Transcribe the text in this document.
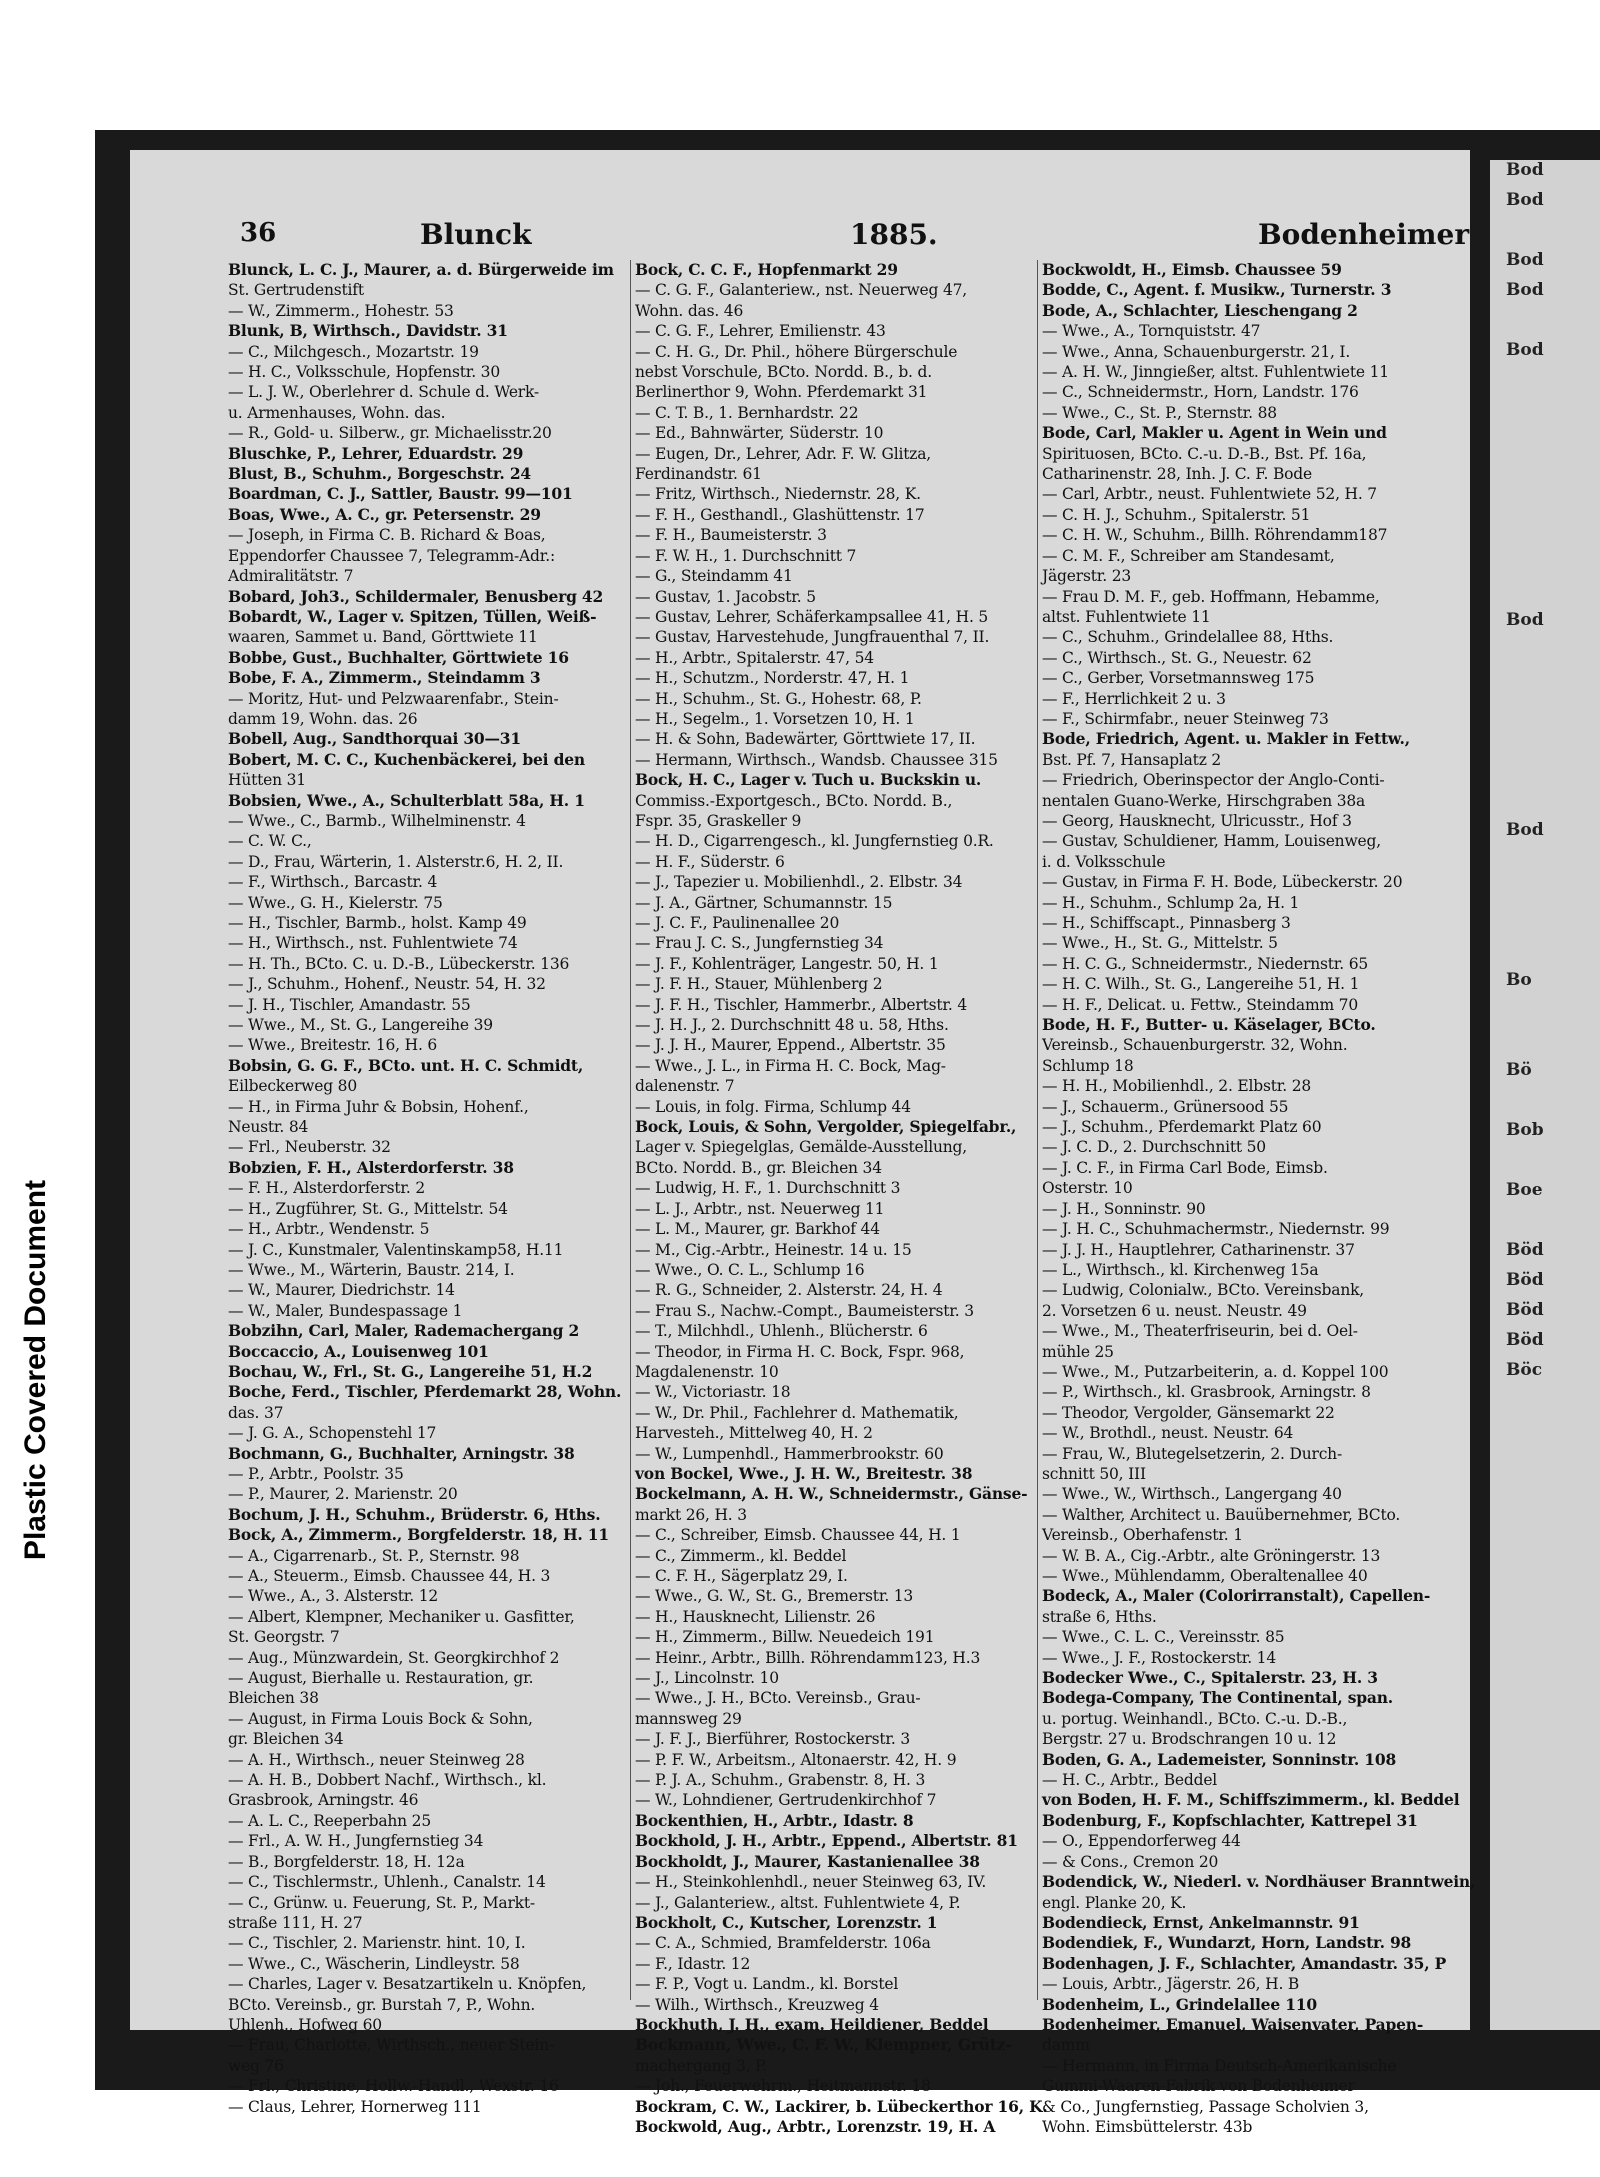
Plastic Covered Document
36	Blunck	1885.	Bodenheimer
Blunck, L. C. J., Maurer, a. d. Bürgerweide im
St. Gertrudenstift
— W., Zimmerm., Hohestr. 53
Blunk, B, Wirthsch., Davidstr. 31
— C., Milchgesch., Mozartstr. 19
— H. C., Volksschule, Hopfenstr. 30
— L. J. W., Oberlehrer d. Schule d. Werk-
u. Armenhauses, Wohn. das.
— R., Gold- u. Silberw., gr. Michaelisstr.20
Bluschke, P., Lehrer, Eduardstr. 29
Blust, B., Schuhm., Borgeschstr. 24
Boardman, C. J., Sattler, Baustr. 99—101
Boas, Wwe., A. C., gr. Petersenstr. 29
— Joseph, in Firma C. B. Richard & Boas,
Eppendorfer Chaussee 7, Telegramm-Adr.:
Admiralitätstr. 7
Bobard, Joh3., Schildermaler, Benusberg 42
Bobardt, W., Lager v. Spitzen, Tüllen, Weiß-
waaren, Sammet u. Band, Görttwiete 11
Bobbe, Gust., Buchhalter, Görttwiete 16
Bobe, F. A., Zimmerm., Steindamm 3
— Moritz, Hut- und Pelzwaarenfabr., Stein-
damm 19, Wohn. das. 26
Bobell, Aug., Sandthorquai 30—31
Bobert, M. C. C., Kuchenbäckerei, bei den
Hütten 31
Bobsien, Wwe., A., Schulterblatt 58a, H. 1
— Wwe., C., Barmb., Wilhelminenstr. 4
— C. W. C.,
— D., Frau, Wärterin, 1. Alsterstr.6, H. 2, II.
— F., Wirthsch., Barcastr. 4
— Wwe., G. H., Kielerstr. 75
— H., Tischler, Barmb., holst. Kamp 49
— H., Wirthsch., nst. Fuhlentwiete 74
— H. Th., BCto. C. u. D.-B., Lübeckerstr. 136
— J., Schuhm., Hohenf., Neustr. 54, H. 32
— J. H., Tischler, Amandastr. 55
— Wwe., M., St. G., Langereihe 39
— Wwe., Breitestr. 16, H. 6
Bobsin, G. G. F., BCto. unt. H. C. Schmidt,
Eilbeckerweg 80
— H., in Firma Juhr & Bobsin, Hohenf.,
Neustr. 84
— Frl., Neuberstr. 32
Bobzien, F. H., Alsterdorferstr. 38
— F. H., Alsterdorferstr. 2
— H., Zugführer, St. G., Mittelstr. 54
— H., Arbtr., Wendenstr. 5
— J. C., Kunstmaler, Valentinskamp58, H.11
— Wwe., M., Wärterin, Baustr. 214, I.
— W., Maurer, Diedrichstr. 14
— W., Maler, Bundespassage 1
Bobzihn, Carl, Maler, Rademachergang 2
Boccaccio, A., Louisenweg 101
Bochau, W., Frl., St. G., Langereihe 51, H.2
Boche, Ferd., Tischler, Pferdemarkt 28, Wohn.
das. 37
— J. G. A., Schopenstehl 17
Bochmann, G., Buchhalter, Arningstr. 38
— P., Arbtr., Poolstr. 35
— P., Maurer, 2. Marienstr. 20
Bochum, J. H., Schuhm., Brüderstr. 6, Hths.
Bock, A., Zimmerm., Borgfelderstr. 18, H. 11
— A., Cigarrenarb., St. P., Sternstr. 98
— A., Steuerm., Eimsb. Chaussee 44, H. 3
— Wwe., A., 3. Alsterstr. 12
— Albert, Klempner, Mechaniker u. Gasfitter,
St. Georgstr. 7
— Aug., Münzwardein, St. Georgkirchhof 2
— August, Bierhalle u. Restauration, gr.
Bleichen 38
— August, in Firma Louis Bock & Sohn,
gr. Bleichen 34
— A. H., Wirthsch., neuer Steinweg 28
— A. H. B., Dobbert Nachf., Wirthsch., kl.
Grasbrook, Arningstr. 46
— A. L. C., Reeperbahn 25
— Frl., A. W. H., Jungfernstieg 34
— B., Borgfelderstr. 18, H. 12a
— C., Tischlermstr., Uhlenh., Canalstr. 14
— C., Grünw. u. Feuerung, St. P., Markt-
straße 111, H. 27
— C., Tischler, 2. Marienstr. hint. 10, I.
— Wwe., C., Wäscherin, Lindleystr. 58
— Charles, Lager v. Besatzartikeln u. Knöpfen,
BCto. Vereinsb., gr. Burstah 7, P., Wohn.
Uhlenh., Hofweg 60
— Frau, Charlotte, Wirthsch., neuer Stein-
weg 76
— Frl., Christine, Hollw.-Handl., Wexstr. 16
— Claus, Lehrer, Hornerweg 111
Bock, C. C. F., Hopfenmarkt 29
— C. G. F., Galanteriew., nst. Neuerweg 47,
Wohn. das. 46
— C. G. F., Lehrer, Emilienstr. 43
— C. H. G., Dr. Phil., höhere Bürgerschule
nebst Vorschule, BCto. Nordd. B., b. d.
Berlinerthor 9, Wohn. Pferdemarkt 31
— C. T. B., 1. Bernhardstr. 22
— Ed., Bahnwärter, Süderstr. 10
— Eugen, Dr., Lehrer, Adr. F. W. Glitza,
Ferdinandstr. 61
— Fritz, Wirthsch., Niedernstr. 28, K.
— F. H., Gesthandl., Glashüttenstr. 17
— F. H., Baumeisterstr. 3
— F. W. H., 1. Durchschnitt 7
— G., Steindamm 41
— Gustav, 1. Jacobstr. 5
— Gustav, Lehrer, Schäferkampsallee 41, H. 5
— Gustav, Harvestehude, Jungfrauenthal 7, II.
— H., Arbtr., Spitalerstr. 47, 54
— H., Schutzm., Norderstr. 47, H. 1
— H., Schuhm., St. G., Hohestr. 68, P.
— H., Segelm., 1. Vorsetzen 10, H. 1
— H. & Sohn, Badewärter, Görttwiete 17, II.
— Hermann, Wirthsch., Wandsb. Chaussee 315
Bock, H. C., Lager v. Tuch u. Buckskin u.
Commiss.-Exportgesch., BCto. Nordd. B.,
Fspr. 35, Graskeller 9
— H. D., Cigarrengesch., kl. Jungfernstieg 0.R.
— H. F., Süderstr. 6
— J., Tapezier u. Mobilienhdl., 2. Elbstr. 34
— J. A., Gärtner, Schumannstr. 15
— J. C. F., Paulinenallee 20
— Frau J. C. S., Jungfernstieg 34
— J. F., Kohlenträger, Langestr. 50, H. 1
— J. F. H., Stauer, Mühlenberg 2
— J. F. H., Tischler, Hammerbr., Albertstr. 4
— J. H. J., 2. Durchschnitt 48 u. 58, Hths.
— J. J. H., Maurer, Eppend., Albertstr. 35
— Wwe., J. L., in Firma H. C. Bock, Mag-
dalenenstr. 7
— Louis, in folg. Firma, Schlump 44
Bock, Louis, & Sohn, Vergolder, Spiegelfabr.,
Lager v. Spiegelglas, Gemälde-Ausstellung,
BCto. Nordd. B., gr. Bleichen 34
— Ludwig, H. F., 1. Durchschnitt 3
— L. J., Arbtr., nst. Neuerweg 11
— L. M., Maurer, gr. Barkhof 44
— M., Cig.-Arbtr., Heinestr. 14 u. 15
— Wwe., O. C. L., Schlump 16
— R. G., Schneider, 2. Alsterstr. 24, H. 4
— Frau S., Nachw.-Compt., Baumeisterstr. 3
— T., Milchhdl., Uhlenh., Blücherstr. 6
— Theodor, in Firma H. C. Bock, Fspr. 968,
Magdalenenstr. 10
— W., Victoriastr. 18
— W., Dr. Phil., Fachlehrer d. Mathematik,
Harvesteh., Mittelweg 40, H. 2
— W., Lumpenhdl., Hammerbrookstr. 60
von Bockel, Wwe., J. H. W., Breitestr. 38
Bockelmann, A. H. W., Schneidermstr., Gänse-
markt 26, H. 3
— C., Schreiber, Eimsb. Chaussee 44, H. 1
— C., Zimmerm., kl. Beddel
— C. F. H., Sägerplatz 29, I.
— Wwe., G. W., St. G., Bremerstr. 13
— H., Hausknecht, Lilienstr. 26
— H., Zimmerm., Billw. Neuedeich 191
— Heinr., Arbtr., Billh. Röhrendamm123, H.3
— J., Lincolnstr. 10
— Wwe., J. H., BCto. Vereinsb., Grau-
mannsweg 29
— J. F. J., Bierführer, Rostockerstr. 3
— P. F. W., Arbeitsm., Altonaerstr. 42, H. 9
— P. J. A., Schuhm., Grabenstr. 8, H. 3
— W., Lohndiener, Gertrudenkirchhof 7
Bockenthien, H., Arbtr., Idastr. 8
Bockhold, J. H., Arbtr., Eppend., Albertstr. 81
Bockholdt, J., Maurer, Kastanienallee 38
— H., Steinkohlenhdl., neuer Steinweg 63, IV.
— J., Galanteriew., altst. Fuhlentwiete 4, P.
Bockholt, C., Kutscher, Lorenzstr. 1
— C. A., Schmied, Bramfelderstr. 106a
— F., Idastr. 12
— F. P., Vogt u. Landm., kl. Borstel
— Wilh., Wirthsch., Kreuzweg 4
Bockhuth, J. H., exam. Heildiener, Beddel
Bockmann, Wwe., C. F. W., Klempner, Grütz-
machergang 3, P.
— Joh., Feuerwehrm., Heitmannstr. 18
Bockram, C. W., Lackirer, b. Lübeckerthor 16, K.
Bockwold, Aug., Arbtr., Lorenzstr. 19, H. A
Bockwoldt, H., Eimsb. Chaussee 59
Bodde, C., Agent. f. Musikw., Turnerstr. 3
Bode, A., Schlachter, Lieschengang 2
— Wwe., A., Tornquiststr. 47
— Wwe., Anna, Schauenburgerstr. 21, I.
— A. H. W., Jinngießer, altst. Fuhlentwiete 11
— C., Schneidermstr., Horn, Landstr. 176
— Wwe., C., St. P., Sternstr. 88
Bode, Carl, Makler u. Agent in Wein und
Spirituosen, BCto. C.-u. D.-B., Bst. Pf. 16a,
Catharinenstr. 28, Inh. J. C. F. Bode
— Carl, Arbtr., neust. Fuhlentwiete 52, H. 7
— C. H. J., Schuhm., Spitalerstr. 51
— C. H. W., Schuhm., Billh. Röhrendamm187
— C. M. F., Schreiber am Standesamt,
Jägerstr. 23
— Frau D. M. F., geb. Hoffmann, Hebamme,
altst. Fuhlentwiete 11
— C., Schuhm., Grindelallee 88, Hths.
— C., Wirthsch., St. G., Neuestr. 62
— C., Gerber, Vorsetmannsweg 175
— F., Herrlichkeit 2 u. 3
— F., Schirmfabr., neuer Steinweg 73
Bode, Friedrich, Agent. u. Makler in Fettw.,
Bst. Pf. 7, Hansaplatz 2
— Friedrich, Oberinspector der Anglo-Conti-
nentalen Guano-Werke, Hirschgraben 38a
— Georg, Hausknecht, Ulricusstr., Hof 3
— Gustav, Schuldiener, Hamm, Louisenweg,
i. d. Volksschule
— Gustav, in Firma F. H. Bode, Lübeckerstr. 20
— H., Schuhm., Schlump 2a, H. 1
— H., Schiffscapt., Pinnasberg 3
— Wwe., H., St. G., Mittelstr. 5
— H. C. G., Schneidermstr., Niedernstr. 65
— H. C. Wilh., St. G., Langereihe 51, H. 1
— H. F., Delicat. u. Fettw., Steindamm 70
Bode, H. F., Butter- u. Käselager, BCto.
Vereinsb., Schauenburgerstr. 32, Wohn.
Schlump 18
— H. H., Mobilienhdl., 2. Elbstr. 28
— J., Schauerm., Grünersood 55
— J., Schuhm., Pferdemarkt Platz 60
— J. C. D., 2. Durchschnitt 50
— J. C. F., in Firma Carl Bode, Eimsb.
Osterstr. 10
— J. H., Sonninstr. 90
— J. H. C., Schuhmachermstr., Niedernstr. 99
— J. J. H., Hauptlehrer, Catharinenstr. 37
— L., Wirthsch., kl. Kirchenweg 15a
— Ludwig, Colonialw., BCto. Vereinsbank,
2. Vorsetzen 6 u. neust. Neustr. 49
— Wwe., M., Theaterfriseurin, bei d. Oel-
mühle 25
— Wwe., M., Putzarbeiterin, a. d. Koppel 100
— P., Wirthsch., kl. Grasbrook, Arningstr. 8
— Theodor, Vergolder, Gänsemarkt 22
— W., Brothdl., neust. Neustr. 64
— Frau, W., Blutegelsetzerin, 2. Durch-
schnitt 50, III
— Wwe., W., Wirthsch., Langergang 40
— Walther, Architect u. Bauübernehmer, BCto.
Vereinsb., Oberhafenstr. 1
— W. B. A., Cig.-Arbtr., alte Gröningerstr. 13
— Wwe., Mühlendamm, Oberaltenallee 40
Bodeck, A., Maler (Colorirranstalt), Capellen-
straße 6, Hths.
— Wwe., C. L. C., Vereinsstr. 85
— Wwe., J. F., Rostockerstr. 14
Bodecker Wwe., C., Spitalerstr. 23, H. 3
Bodega-Company, The Continental, span.
u. portug. Weinhandl., BCto. C.-u. D.-B.,
Bergstr. 27 u. Brodschrangen 10 u. 12
Boden, G. A., Lademeister, Sonninstr. 108
— H. C., Arbtr., Beddel
von Boden, H. F. M., Schiffszimmerm., kl. Beddel
Bodenburg, F., Kopfschlachter, Kattrepel 31
— O., Eppendorferweg 44
— & Cons., Cremon 20
Bodendick, W., Niederl. v. Nordhäuser Branntwein,
engl. Planke 20, K.
Bodendieck, Ernst, Ankelmannstr. 91
Bodendiek, F., Wundarzt, Horn, Landstr. 98
Bodenhagen, J. F., Schlachter, Amandastr. 35, P
— Louis, Arbtr., Jägerstr. 26, H. B
Bodenheim, L., Grindelallee 110
Bodenheimer, Emanuel, Waisenvater, Papen-
damm
— Hermann, in Firma Deutsch-Amerikanische
Gummi-Waaren-Fabrik von Bodenheimer
& Co., Jungfernstieg, Passage Scholvien 3,
Wohn. Eimsbüttelerstr. 43b
Bod
Bod
Bod
Bod
Bod
Bod
Bod
Bo
Bö
Bob
Boe
Böd
Böd
Böd
Böd
Böc
